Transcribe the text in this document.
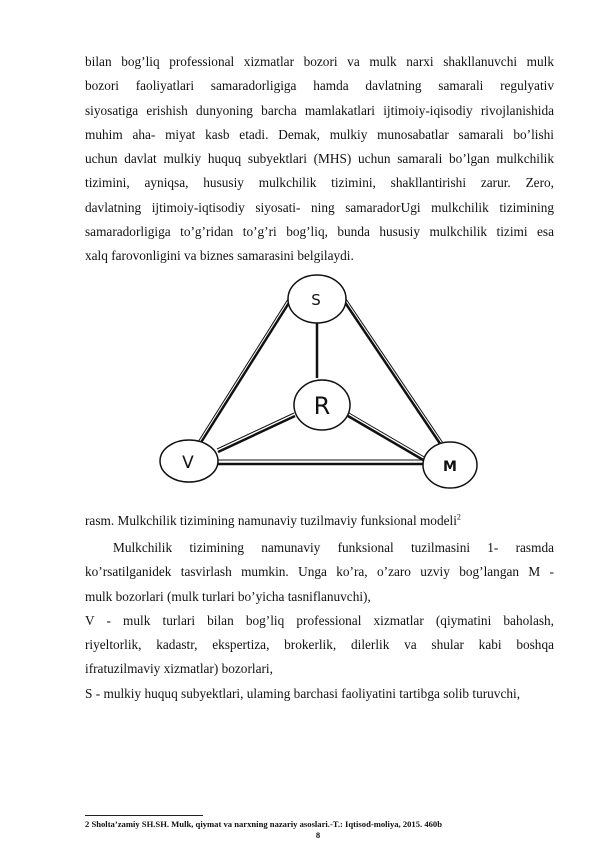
bilan bog’liq professional xizmatlar bozori va mulk narxi shakllanuvchi mulk
bozori faoliyatlari samaradorligiga hamda davlatning samarali regulyativ
siyosatiga erishish dunyoning barcha mamlakatlari ijtimoiy-iqisodiy rivojlanishida
muhim aha- miyat kasb etadi. Demak, mulkiy munosabatlar samarali bo’lishi
uchun davlat mulkiy huquq subyektlari (MHS) uchun samarali bo’lgan mulkchilik
tizimini, ayniqsa, hususiy mulkchilik tizimini, shakllantirishi zarur. Zero,
davlatning ijtimoiy-iqtisodiy siyosati- ning samaradorUgi mulkchilik tizimining
samaradorligiga to’g’ridan to’g’ri bog’liq, bunda hususiy mulkchilik tizimi esa
xalq farovonligini va biznes samarasini belgilaydi.
S
R
V	M

rasm. Mulkchilik tizimining namunaviy tuzilmaviy funksional modeli$^2$

Mulkchilik tizimining namunaviy funksional tuzilmasini 1- rasmda
ko’rsatilganidek tasvirlash mumkin. Unga ko’ra, o’zaro uzviy bog’langan M -
mulk bozorlari (mulk turlari bo’yicha tasniflanuvchi),
V - mulk turlari bilan bog’liq professional xizmatlar (qiymatini baholash,
riyeltorlik, kadastr, ekspertiza, brokerlik, dilerlik va shular kabi boshqa
ifratuzilmaviy xizmatlar) bozorlari,
S - mulkiy huquq subyektlari, ulaming barchasi faoliyatini tartibga solib turuvchi,

2 Sholta’zamiy SH.SH. Mulk, qiymat va narxning nazariy asoslari.-T.: Iqtisod-moliya, 2015. 460b

8
